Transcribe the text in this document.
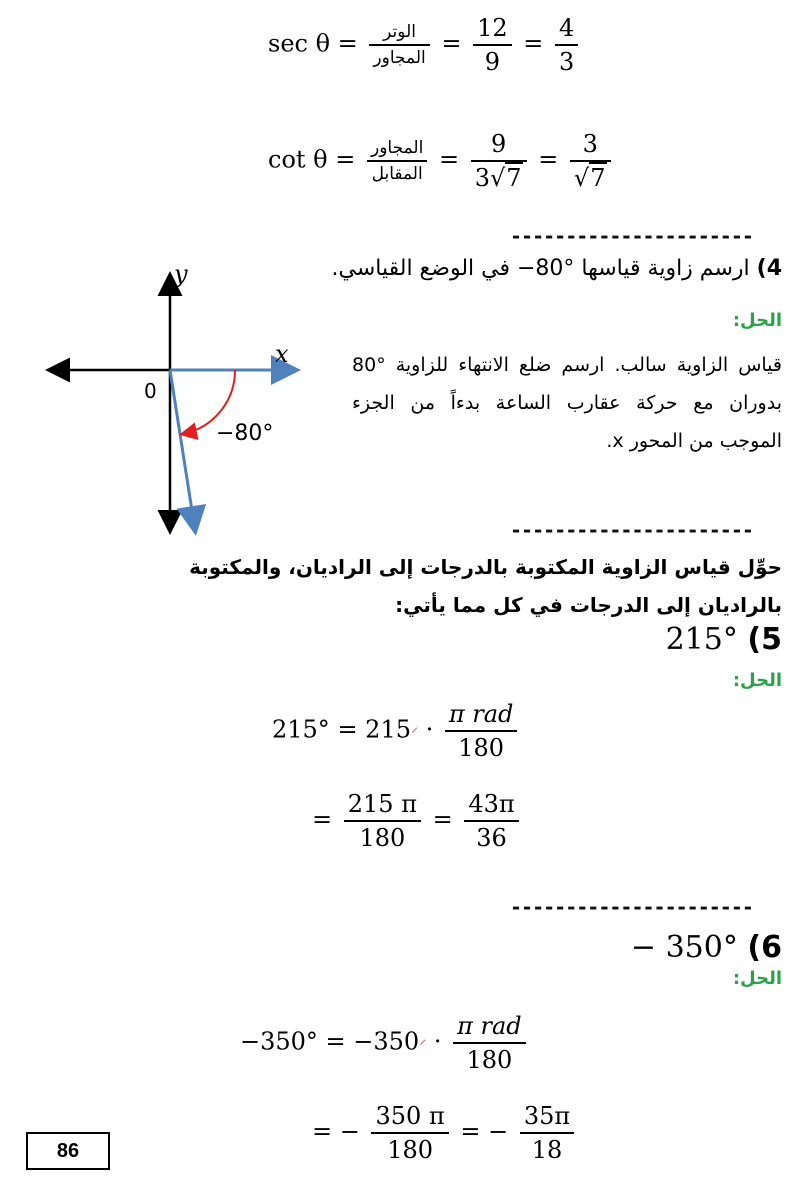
$\sec \theta = \frac{\text{الوتر}}{\text{المجاور}} = \frac{12}{9} = \frac{4}{3}$
$\cot \theta = \frac{\text{المجاور}}{\text{المقابل}} = \frac{9}{3√7} = \frac{3}{√7}$
----------------------
4) ارسم زاوية قياسها °80− في الوضع القياسي.
الحل:
قياس الزاوية سالب. ارسم ضلع الانتهاء للزاوية °80 بدوران مع حركة عقارب الساعة بدءاً من الجزء الموجب من المحور x.
y
x
0
−80°
----------------------
حوِّل قياس الزاوية المكتوبة بالدرجات إلى الراديان، والمكتوبة بالراديان إلى الدرجات في كل مما يأتي:
215° (5
الحل:
215° = 215⸍ · $\frac{\text{π rad}}{180}$
= $\frac{215 \pi}{180} = \frac{43\pi}{36}$
----------------------
− 350° (6
الحل:
−350° = −350⸍ · $\frac{\text{π rad}}{180}$
= − $\frac{350 \pi}{180}$ = − $\frac{35\pi}{18}$
86
